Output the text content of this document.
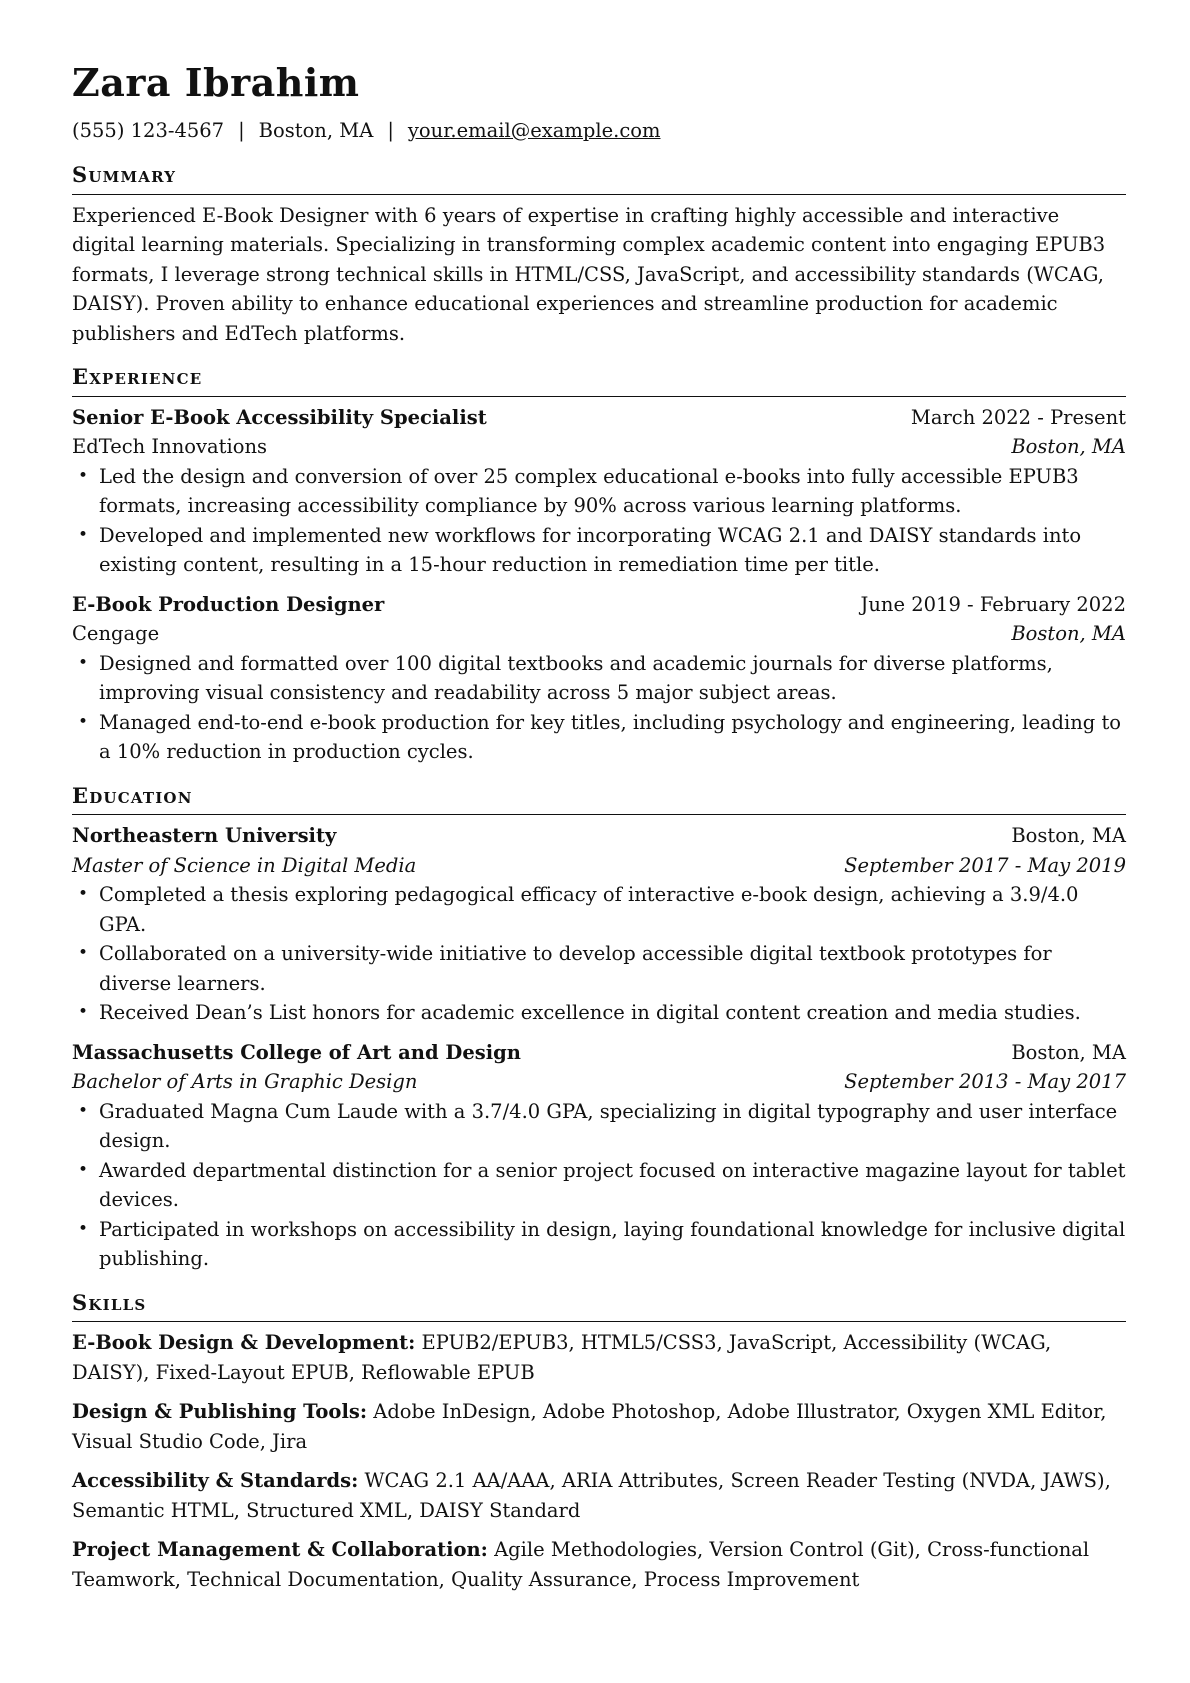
Zara Ibrahim
(555) 123-4567 | Boston, MA | your.email@example.com
Summary

Experienced E-Book Designer with 6 years of expertise in crafting highly accessible and interactive digital learning materials. Specializing in transforming complex academic content into engaging EPUB3 formats, I leverage strong technical skills in HTML/CSS, JavaScript, and accessibility standards (WCAG, DAISY). Proven ability to enhance educational experiences and streamline production for academic publishers and EdTech platforms.

Experience
Senior E-Book Accessibility Specialist	March 2022 - Present
EdTech Innovations	Boston, MA
• Led the design and conversion of over 25 complex educational e-books into fully accessible EPUB3 formats, increasing accessibility compliance by 90% across various learning platforms.
• Developed and implemented new workflows for incorporating WCAG 2.1 and DAISY standards into existing content, resulting in a 15-hour reduction in remediation time per title.
E-Book Production Designer	June 2019 - February 2022
Cengage	Boston, MA
• Designed and formatted over 100 digital textbooks and academic journals for diverse platforms, improving visual consistency and readability across 5 major subject areas.
• Managed end-to-end e-book production for key titles, including psychology and engineering, leading to a 10% reduction in production cycles.
Education
Northeastern University	Boston, MA
Master of Science in Digital Media	September 2017 - May 2019
• Completed a thesis exploring pedagogical efficacy of interactive e-book design, achieving a 3.9/4.0 GPA.
• Collaborated on a university-wide initiative to develop accessible digital textbook prototypes for diverse learners.
• Received Dean’s List honors for academic excellence in digital content creation and media studies.
Massachusetts College of Art and Design	Boston, MA
Bachelor of Arts in Graphic Design	September 2013 - May 2017
• Graduated Magna Cum Laude with a 3.7/4.0 GPA, specializing in digital typography and user interface design.
• Awarded departmental distinction for a senior project focused on interactive magazine layout for tablet devices.
• Participated in workshops on accessibility in design, laying foundational knowledge for inclusive digital publishing.
Skills

E-Book Design & Development: EPUB2/EPUB3, HTML5/CSS3, JavaScript, Accessibility (WCAG, DAISY), Fixed-Layout EPUB, Reflowable EPUB

Design & Publishing Tools: Adobe InDesign, Adobe Photoshop, Adobe Illustrator, Oxygen XML Editor, Visual Studio Code, Jira

Accessibility & Standards: WCAG 2.1 AA/AAA, ARIA Attributes, Screen Reader Testing (NVDA, JAWS), Semantic HTML, Structured XML, DAISY Standard

Project Management & Collaboration: Agile Methodologies, Version Control (Git), Cross-functional Teamwork, Technical Documentation, Quality Assurance, Process Improvement
